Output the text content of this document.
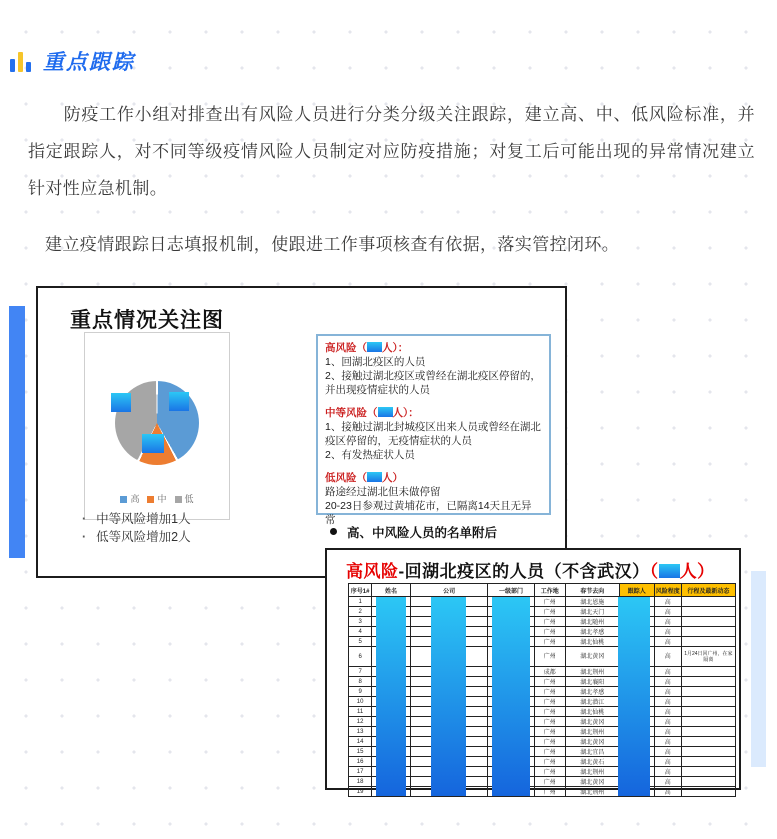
重点跟踪

防疫工作小组对排查出有风险人员进行分类分级关注跟踪，建立高、中、低风险标准，并指定跟踪人，对不同等级疫情风险人员制定对应防疫措施；对复工后可能出现的异常情况建立针对性应急机制。

建立疫情跟踪日志填报机制，使跟进工作事项核查有依据，落实管控闭环。

重点情况关注图
高 中 低
· 中等风险增加1人
· 低等风险增加2人
高风险（ 人）：
1、回湖北疫区的人员
2、接触过湖北疫区或曾经在湖北疫区停留的，并出现疫情症状的人员
中等风险（ 人）：
1、接触过湖北封城疫区出来人员或曾经在湖北疫区停留的，无疫情症状的人员
2、有发热症状人员
低风险（ 人）
路途经过湖北但未做停留
20-23日参观过黄埔花市，已隔离14天且无异常
高、中风险人员的名单附后
高风险-回湖北疫区的人员（不含武汉）（ 人）
序号1#	姓名	公司	一级部门	工作地	春节去向	跟踪人	风险程度	行程及最新动态
1				广州	湖北恩施		高	
2				广州	湖北天门		高	
3				广州	湖北随州		高	
4				广州	湖北孝感		高	
5				广州	湖北仙桃		高	
6				广州	湖北黄冈		高	1月24日回广州，在家隔离
7				成都	湖北荆州		高	
8				广州	湖北襄阳		高	
9				广州	湖北孝感		高	
10				广州	湖北潜江		高	
11				广州	湖北仙桃		高	
12				广州	湖北黄冈		高	
13				广州	湖北荆州		高	
14				广州	湖北黄冈		高	
15				广州	湖北宜昌		高	
16				广州	湖北黄石		高	
17				广州	湖北荆州		高	
18				广州	湖北黄冈		高	
19				广州	湖北荆州		高	
